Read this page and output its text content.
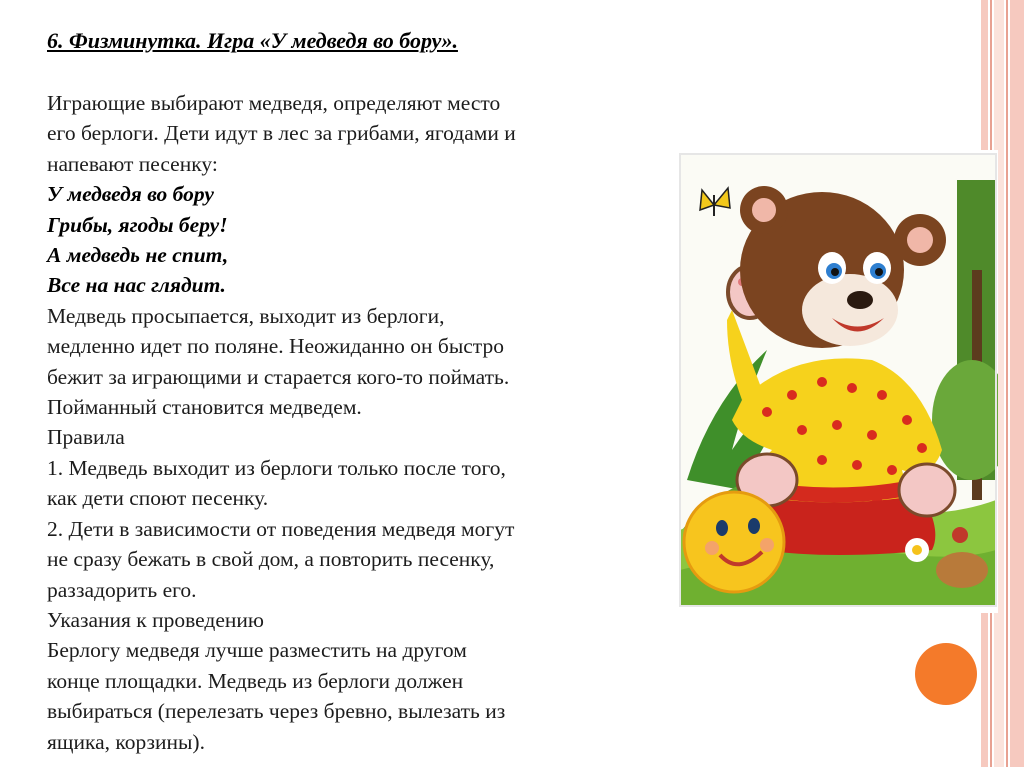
6. Физминутка. Игра «У медведя во бору».
Играющие выбирают медведя, определяют место
его берлоги. Дети идут в лес за грибами, ягодами и
напевают песенку:
У медведя во бору
Грибы, ягоды беру!
А медведь не спит,
Все на нас глядит.
Медведь просыпается, выходит из берлоги,
медленно идет по поляне. Неожиданно он быстро
бежит за играющими и старается кого-то поймать.
Пойманный становится медведем.
Правила
1. Медведь выходит из берлоги только после того,
как дети споют песенку.
2. Дети в зависимости от поведения медведя могут
не сразу бежать в свой дом, а повторить песенку,
раззадорить его.
Указания к проведению
Берлогу медведя лучше разместить на другом
конце площадки. Медведь из берлоги должен
выбираться (перелезать через бревно, вылезать из
ящика, корзины).
